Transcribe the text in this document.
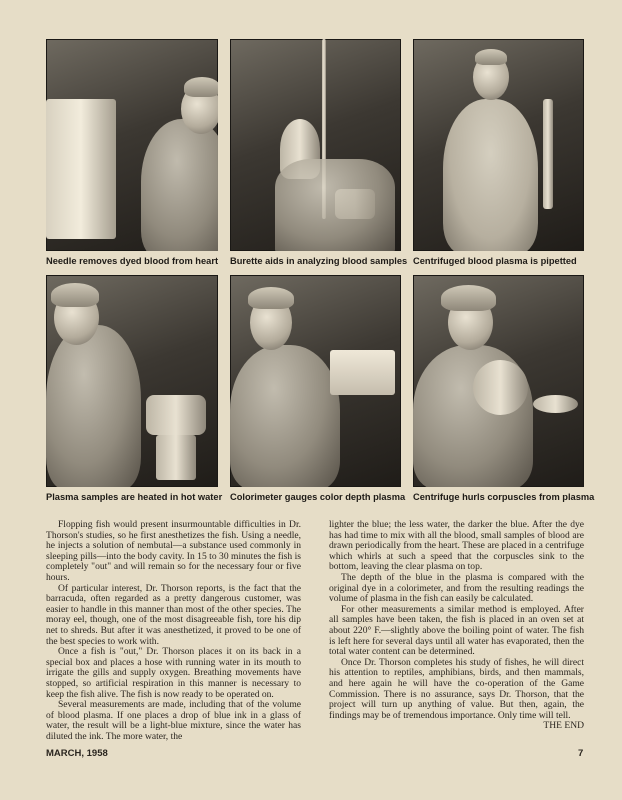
Needle removes dyed blood from heart Burette aids in analyzing blood samples Centrifuged blood plasma is pipetted
Plasma samples are heated in hot water Colorimeter gauges color depth plasma Centrifuge hurls corpuscles from plasma

Flopping fish would present insurmountable difficulties in Dr. Thorson's studies, so he first anesthetizes the fish. Using a needle, he injects a solution of nembutal—a substance used commonly in sleeping pills—into the body cavity. In 15 to 30 minutes the fish is completely "out" and will remain so for the necessary four or five hours.

Of particular interest, Dr. Thorson reports, is the fact that the barracuda, often regarded as a pretty dangerous customer, was easier to handle in this manner than most of the other species. The moray eel, though, one of the most disagreeable fish, tore his dip net to shreds. But after it was anesthetized, it proved to be one of the best species to work with.

Once a fish is "out," Dr. Thorson places it on its back in a special box and places a hose with running water in its mouth to irrigate the gills and supply oxygen. Breathing movements have stopped, so artificial respiration in this manner is necessary to keep the fish alive. The fish is now ready to be operated on.

Several measurements are made, including that of the volume of blood plasma. If one places a drop of blue ink in a glass of water, the result will be a light-blue mixture, since the water has diluted the ink. The more water, the

lighter the blue; the less water, the darker the blue. After the dye has had time to mix with all the blood, small samples of blood are drawn periodically from the heart. These are placed in a centrifuge which whirls at such a speed that the corpuscles sink to the bottom, leaving the clear plasma on top.

The depth of the blue in the plasma is compared with the original dye in a colorimeter, and from the resulting readings the volume of plasma in the fish can easily be calculated.

For other measurements a similar method is employed. After all samples have been taken, the fish is placed in an oven set at about 220° F.—slightly above the boiling point of water. The fish is left here for several days until all water has evaporated, then the total water content can be determined.

Once Dr. Thorson completes his study of fishes, he will direct his attention to reptiles, amphibians, birds, and then mammals, and here again he will have the co-operation of the Game Commission. There is no assurance, says Dr. Thorson, that the project will turn up anything of value. But then, again, the findings may be of tremendous importance. Only time will tell.

THE END
MARCH, 1958	7
